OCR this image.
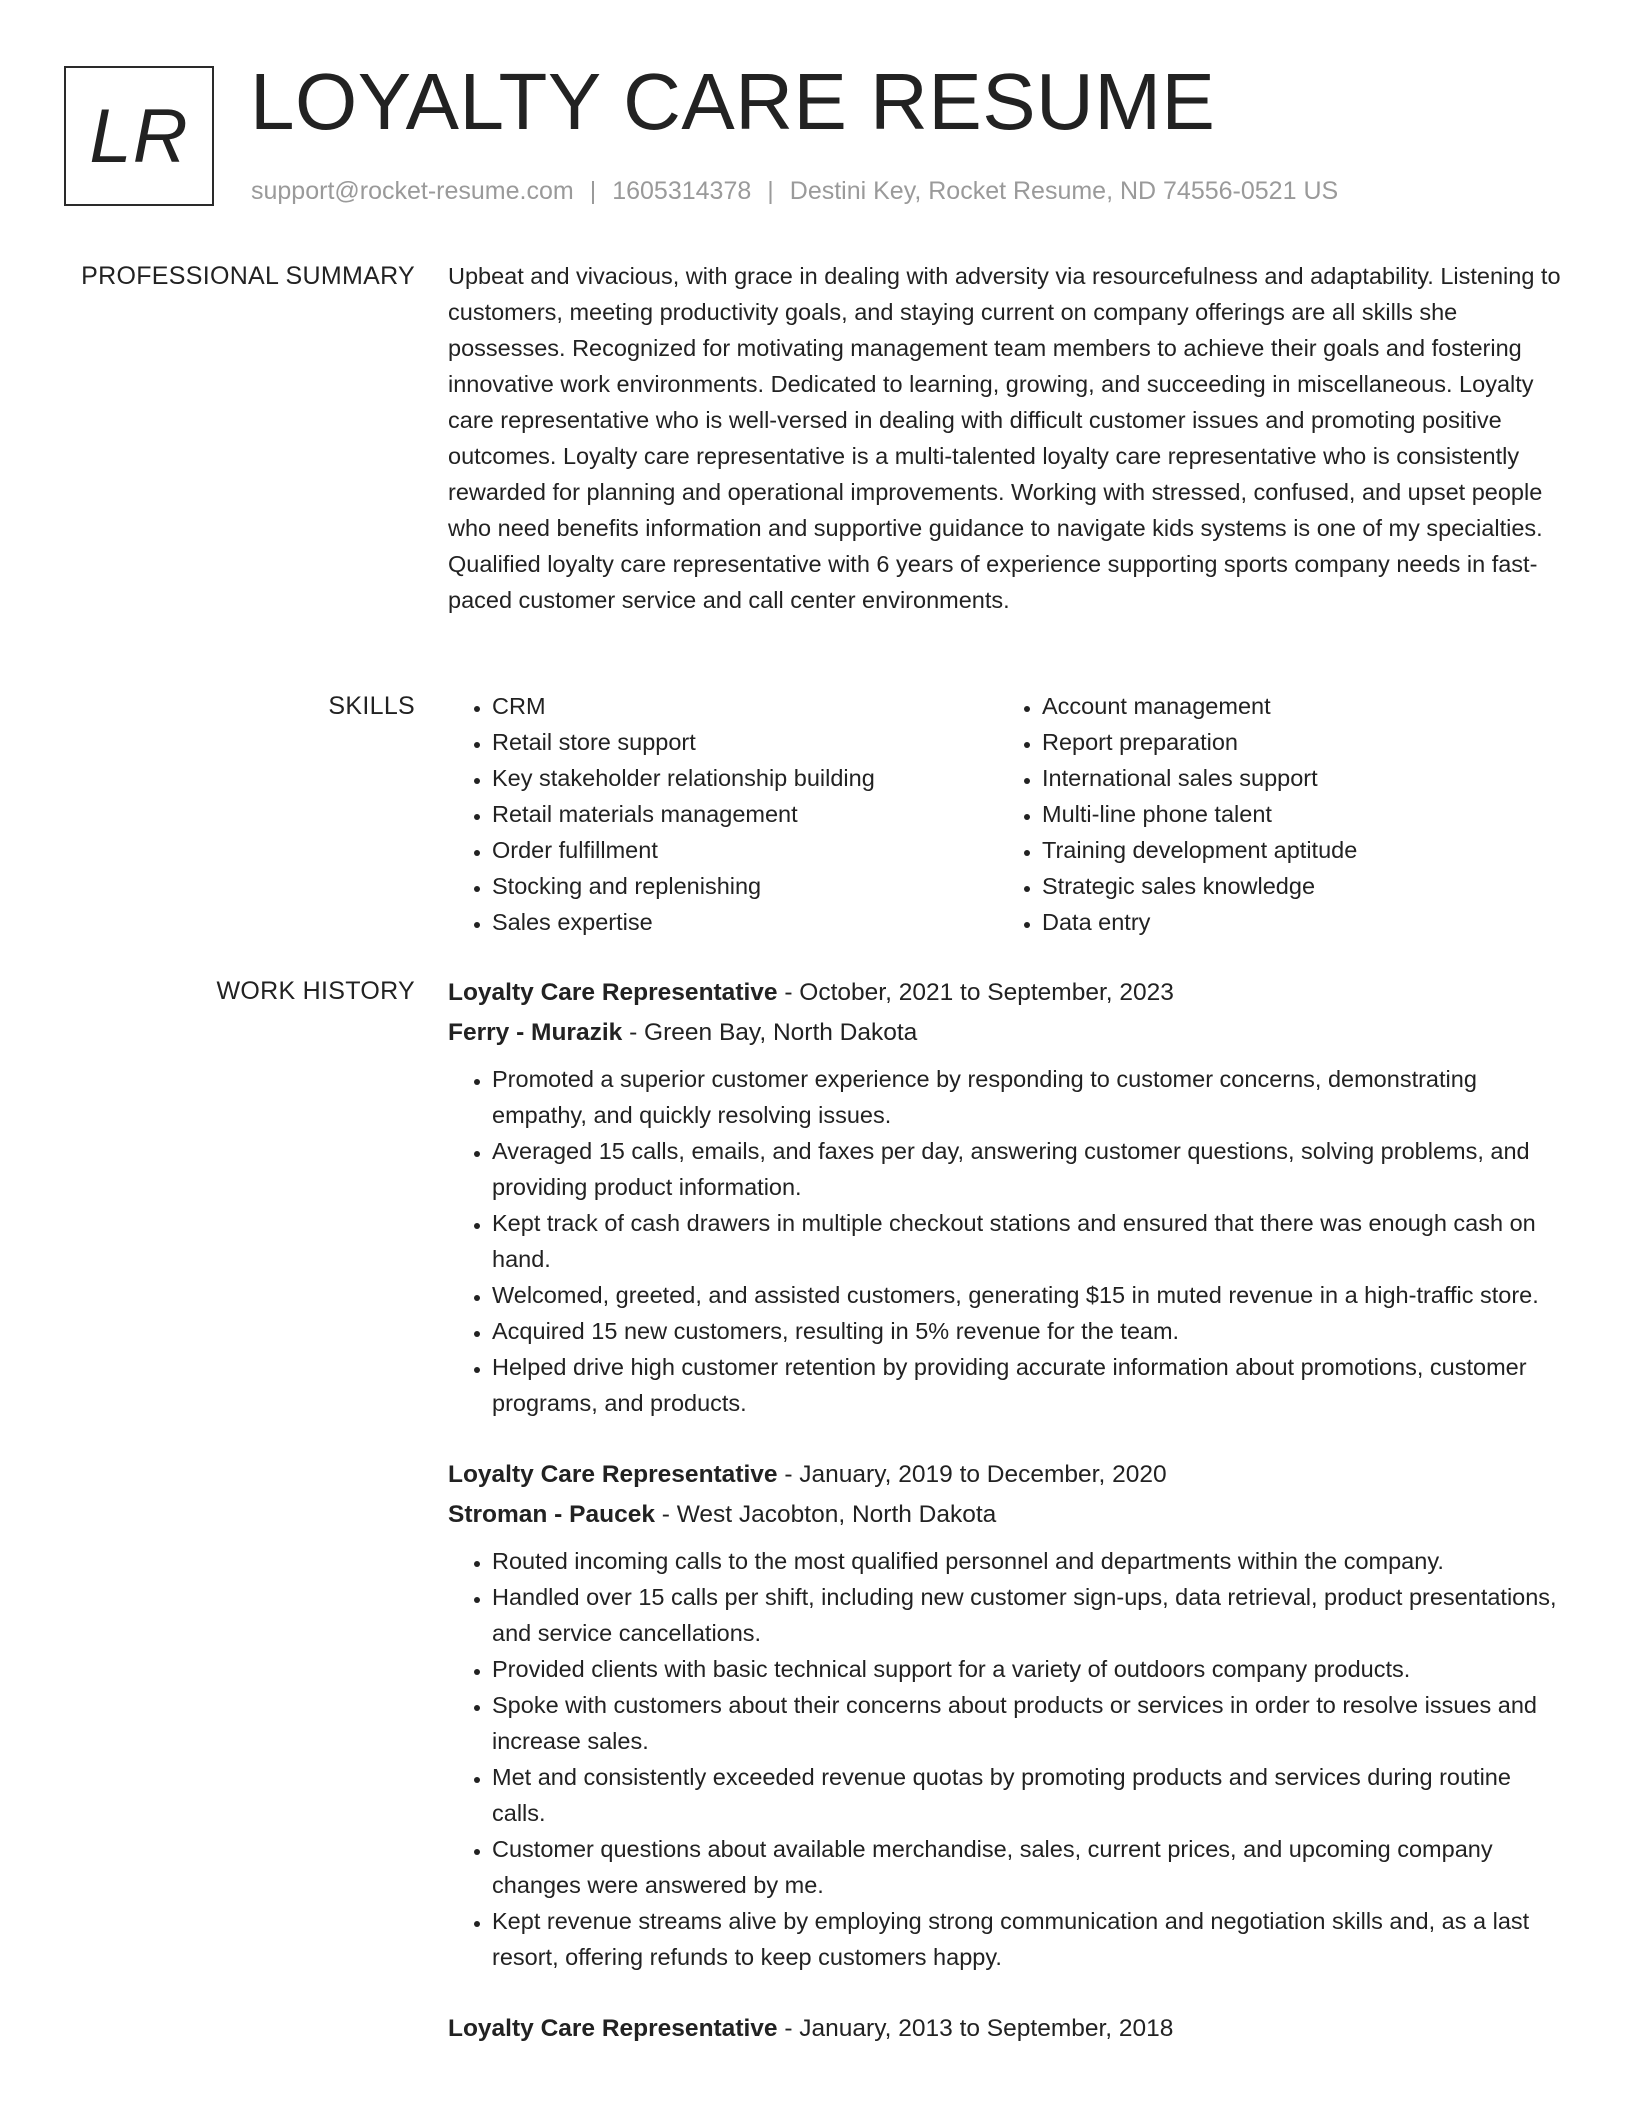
LR LOYALTY CARE RESUME
support@rocket-resume.com | 1605314378 | Destini Key, Rocket Resume, ND 74556-0521 US
PROFESSIONAL SUMMARY Upbeat and vivacious, with grace in dealing with adversity via resourcefulness and adaptability. Listening to customers, meeting productivity goals, and staying current on company offerings are all skills she possesses. Recognized for motivating management team members to achieve their goals and fostering innovative work environments. Dedicated to learning, growing, and succeeding in miscellaneous. Loyalty care representative who is well-versed in dealing with difficult customer issues and promoting positive outcomes. Loyalty care representative is a multi-talented loyalty care representative who is consistently rewarded for planning and operational improvements. Working with stressed, confused, and upset people who need benefits information and supportive guidance to navigate kids systems is one of my specialties. Qualified loyalty care representative with 6 years of experience supporting sports company needs in fast-paced customer service and call center environments.

SKILLS
•	CRM
• Retail store support
• Key stakeholder relationship building
• Retail materials management
• Order fulfillment
• Stocking and replenishing
• Sales expertise
• Account management
• Report preparation
• International sales support
• Multi-line phone talent
• Training development aptitude
• Strategic sales knowledge
• Data entry
WORK HISTORY Loyalty Care Representative - October, 2021 to September, 2023
Ferry - Murazik - Green Bay, North Dakota
• Promoted a superior customer experience by responding to customer concerns, demonstrating empathy, and quickly resolving issues.
• Averaged 15 calls, emails, and faxes per day, answering customer questions, solving problems, and providing product information.
• Kept track of cash drawers in multiple checkout stations and ensured that there was enough cash on hand.
• Welcomed, greeted, and assisted customers, generating $15 in muted revenue in a high-traffic store.
• Acquired 15 new customers, resulting in 5% revenue for the team.
• Helped drive high customer retention by providing accurate information about promotions, customer programs, and products.
Loyalty Care Representative - January, 2019 to December, 2020
Stroman - Paucek - West Jacobton, North Dakota
• Routed incoming calls to the most qualified personnel and departments within the company.
• Handled over 15 calls per shift, including new customer sign-ups, data retrieval, product presentations, and service cancellations.
• Provided clients with basic technical support for a variety of outdoors company products.
• Spoke with customers about their concerns about products or services in order to resolve issues and increase sales.
• Met and consistently exceeded revenue quotas by promoting products and services during routine calls.
• Customer questions about available merchandise, sales, current prices, and upcoming company changes were answered by me.
• Kept revenue streams alive by employing strong communication and negotiation skills and, as a last resort, offering refunds to keep customers happy.
Loyalty Care Representative - January, 2013 to September, 2018
